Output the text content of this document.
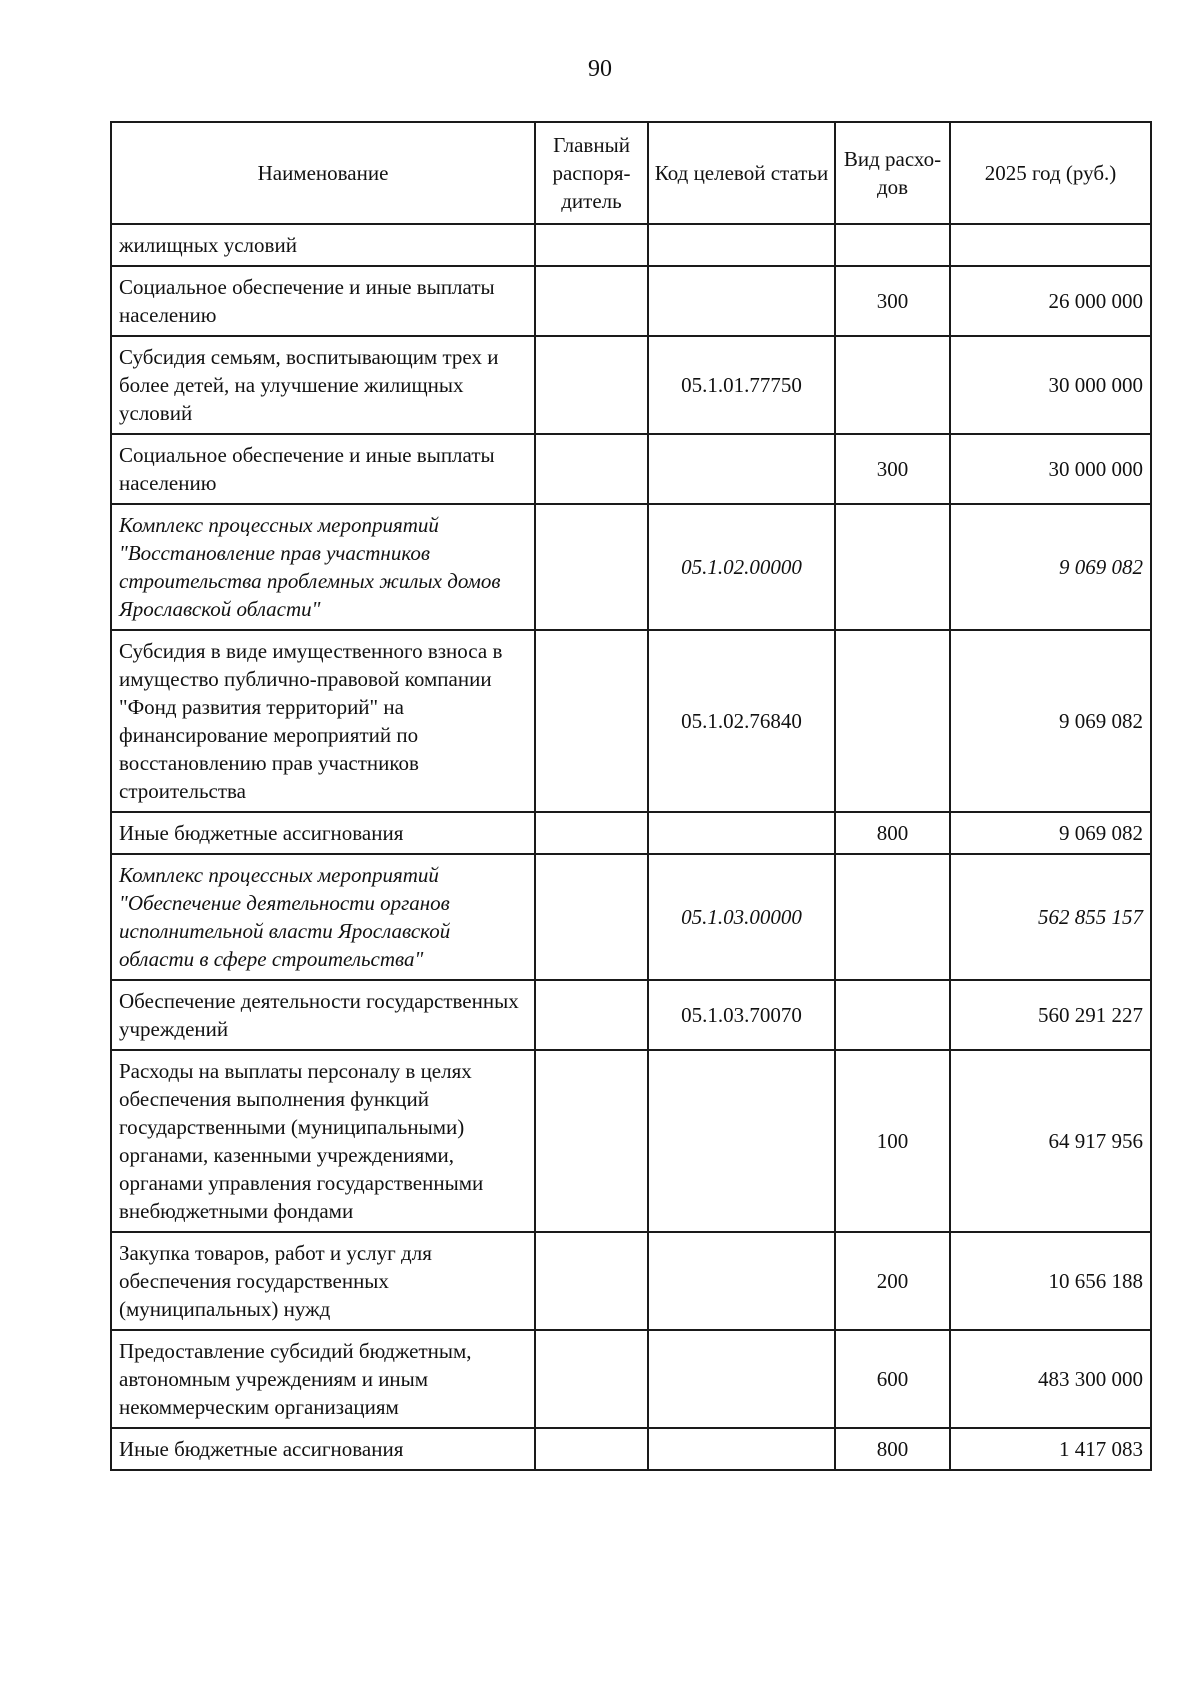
90
Наименование	Главный распоря-дитель	Код целевой статьи	Вид расхо-дов	2025 год (руб.)
жилищных условий				
Социальное обеспечение и иные выплаты населению			300	26 000 000
Субсидия семьям, воспитывающим трех и более детей, на улучшение жилищных условий		05.1.01.77750		30 000 000
Социальное обеспечение и иные выплаты населению			300	30 000 000
Комплекс процессных мероприятий "Восстановление прав участников строительства проблемных жилых домов Ярославской области"		05.1.02.00000		9 069 082
Субсидия в виде имущественного взноса в имущество публично-правовой компании "Фонд развития территорий" на финансирование мероприятий по восстановлению прав участников строительства		05.1.02.76840		9 069 082
Иные бюджетные ассигнования			800	9 069 082
Комплекс процессных мероприятий "Обеспечение деятельности органов исполнительной власти Ярославской области в сфере строительства"		05.1.03.00000		562 855 157
Обеспечение деятельности государственных учреждений		05.1.03.70070		560 291 227
Расходы на выплаты персоналу в целях обеспечения выполнения функций государственными (муниципальными) органами, казенными учреждениями, органами управления государственными внебюджетными фондами			100	64 917 956
Закупка товаров, работ и услуг для обеспечения государственных (муниципальных) нужд			200	10 656 188
Предоставление субсидий бюджетным, автономным учреждениям и иным некоммерческим организациям			600	483 300 000
Иные бюджетные ассигнования			800	1 417 083
